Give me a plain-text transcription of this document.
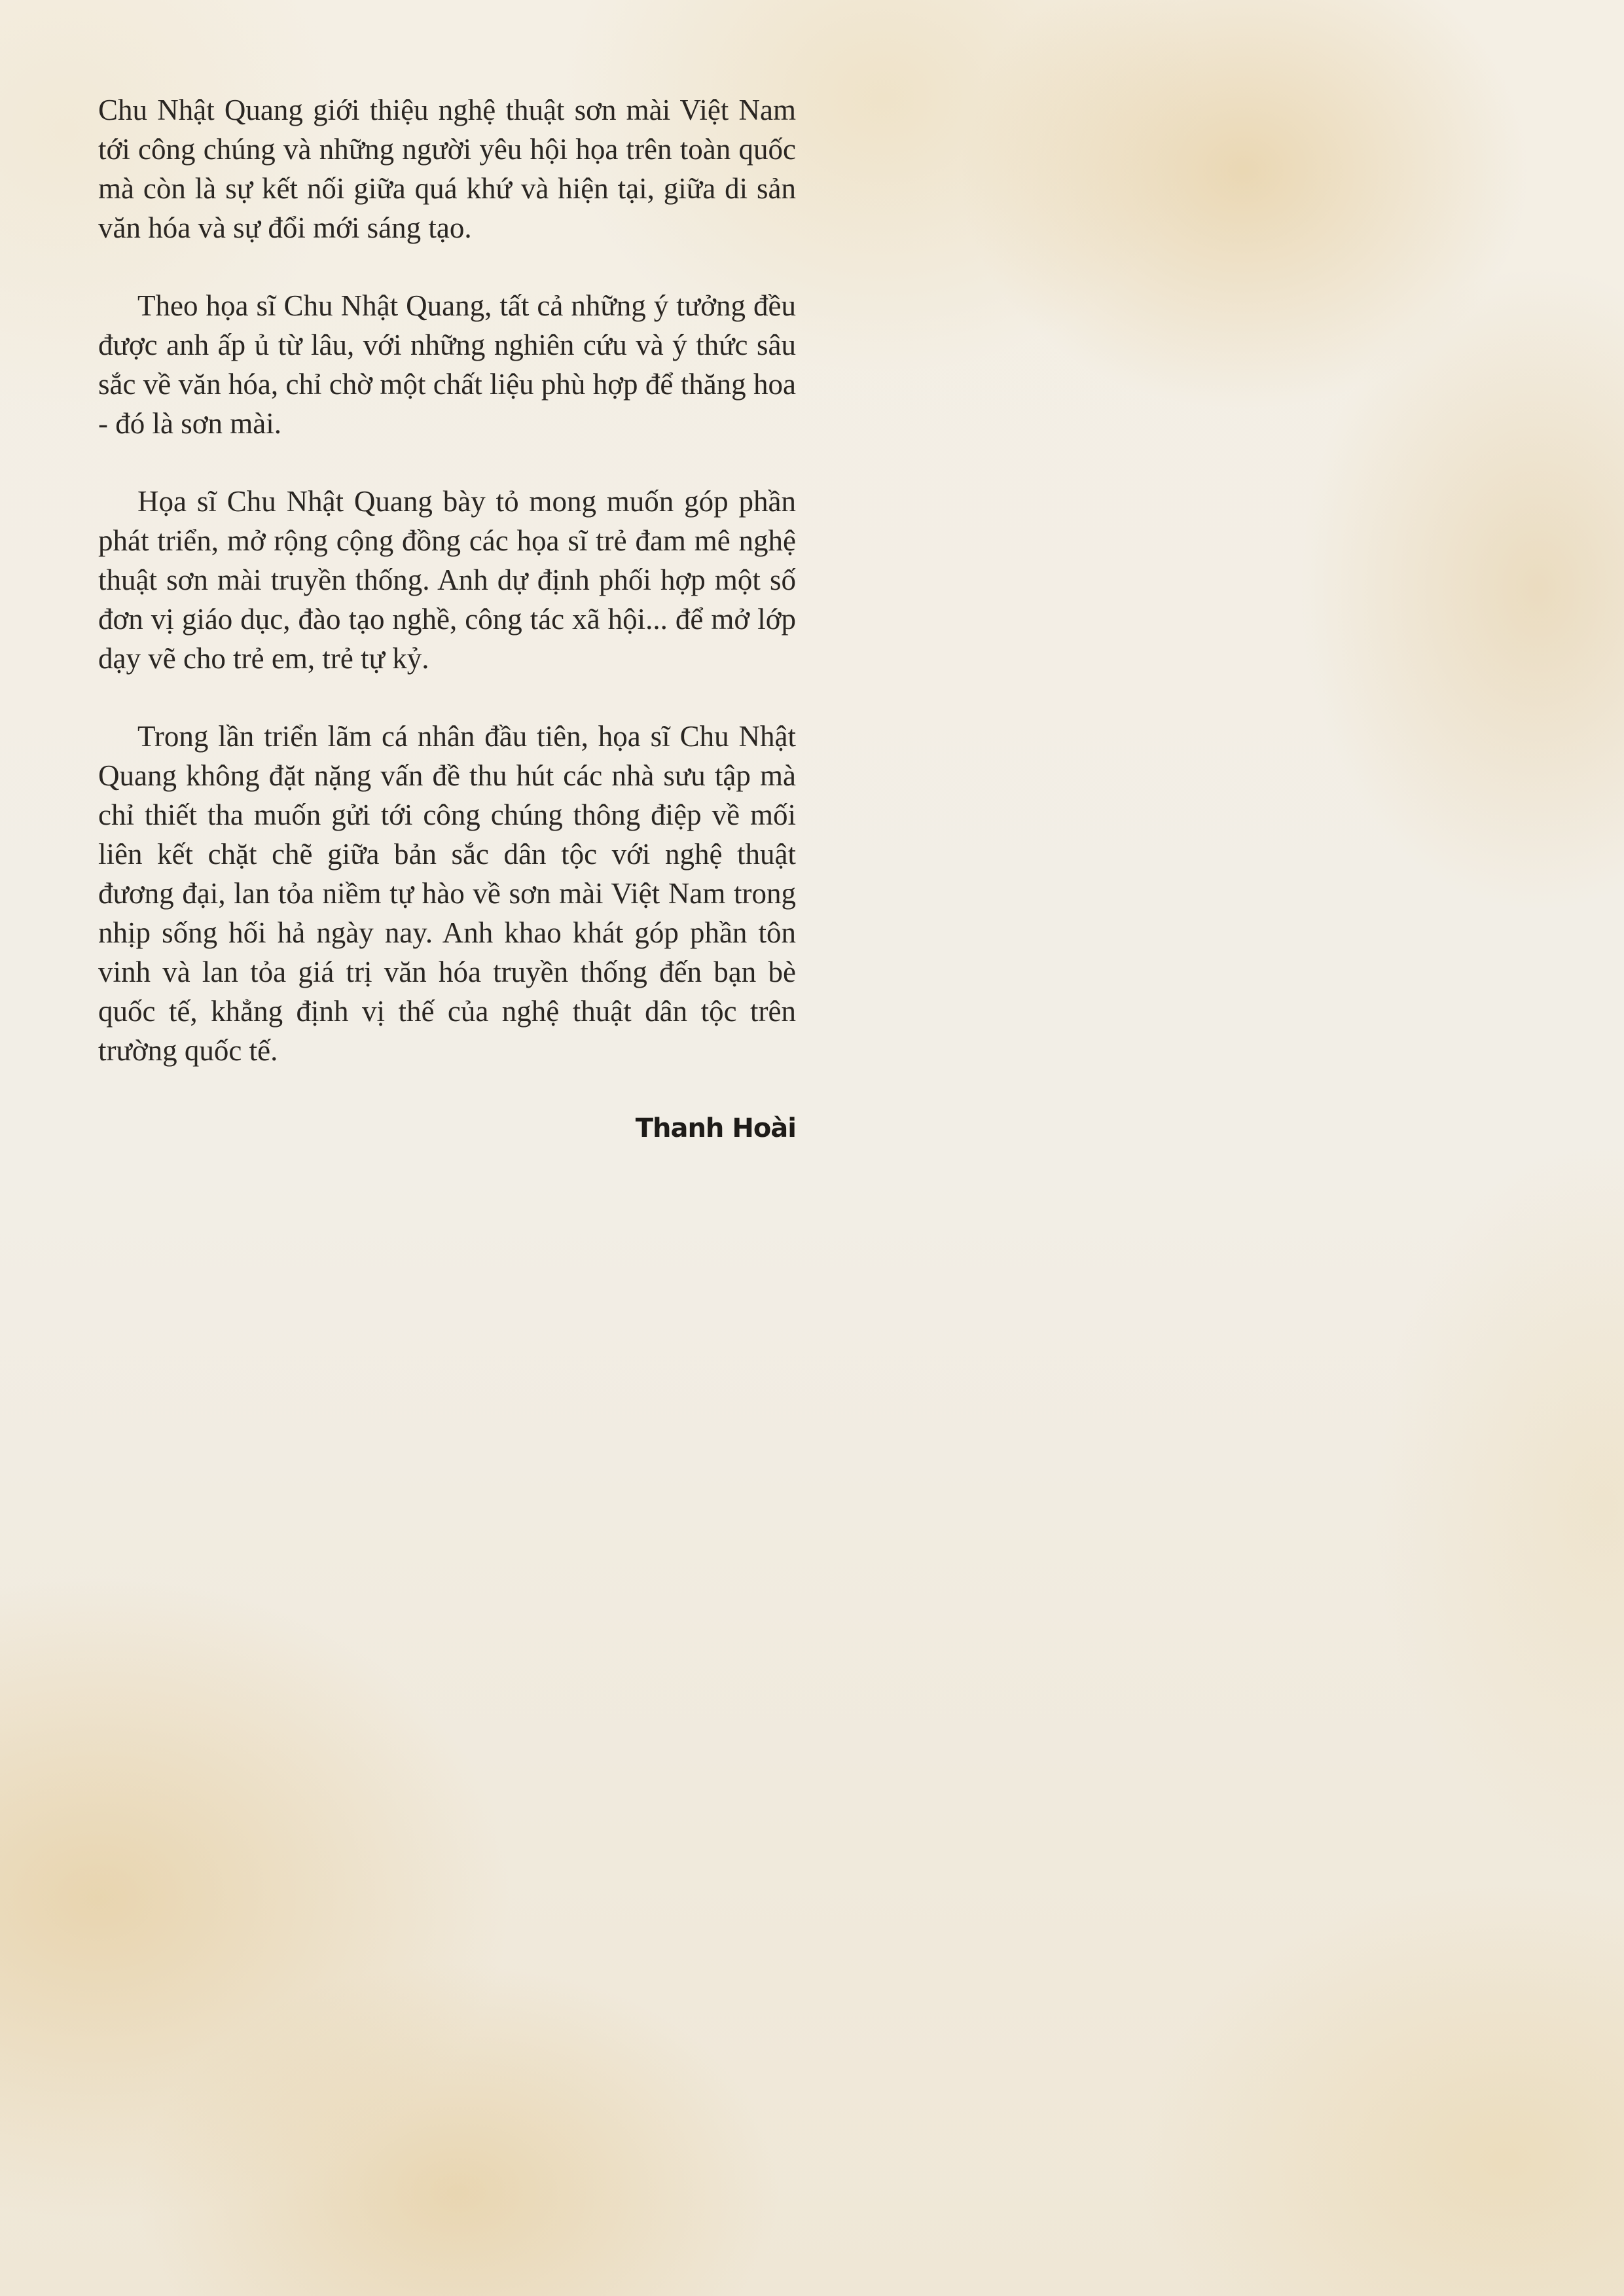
Chu Nhật Quang giới thiệu nghệ thuật sơn mài Việt Nam tới công chúng và những người yêu hội họa trên toàn quốc mà còn là sự kết nối giữa quá khứ và hiện tại, giữa di sản văn hóa và sự đổi mới sáng tạo.

Theo họa sĩ Chu Nhật Quang, tất cả những ý tưởng đều được anh ấp ủ từ lâu, với những nghiên cứu và ý thức sâu sắc về văn hóa, chỉ chờ một chất liệu phù hợp để thăng hoa - đó là sơn mài.

Họa sĩ Chu Nhật Quang bày tỏ mong muốn góp phần phát triển, mở rộng cộng đồng các họa sĩ trẻ đam mê nghệ thuật sơn mài truyền thống. Anh dự định phối hợp một số đơn vị giáo dục, đào tạo nghề, công tác xã hội... để mở lớp dạy vẽ cho trẻ em, trẻ tự kỷ.

Trong lần triển lãm cá nhân đầu tiên, họa sĩ Chu Nhật Quang không đặt nặng vấn đề thu hút các nhà sưu tập mà chỉ thiết tha muốn gửi tới công chúng thông điệp về mối liên kết chặt chẽ giữa bản sắc dân tộc với nghệ thuật đương đại, lan tỏa niềm tự hào về sơn mài Việt Nam trong nhịp sống hối hả ngày nay. Anh khao khát góp phần tôn vinh và lan tỏa giá trị văn hóa truyền thống đến bạn bè quốc tế, khẳng định vị thế của nghệ thuật dân tộc trên trường quốc tế.

Thanh Hoài
